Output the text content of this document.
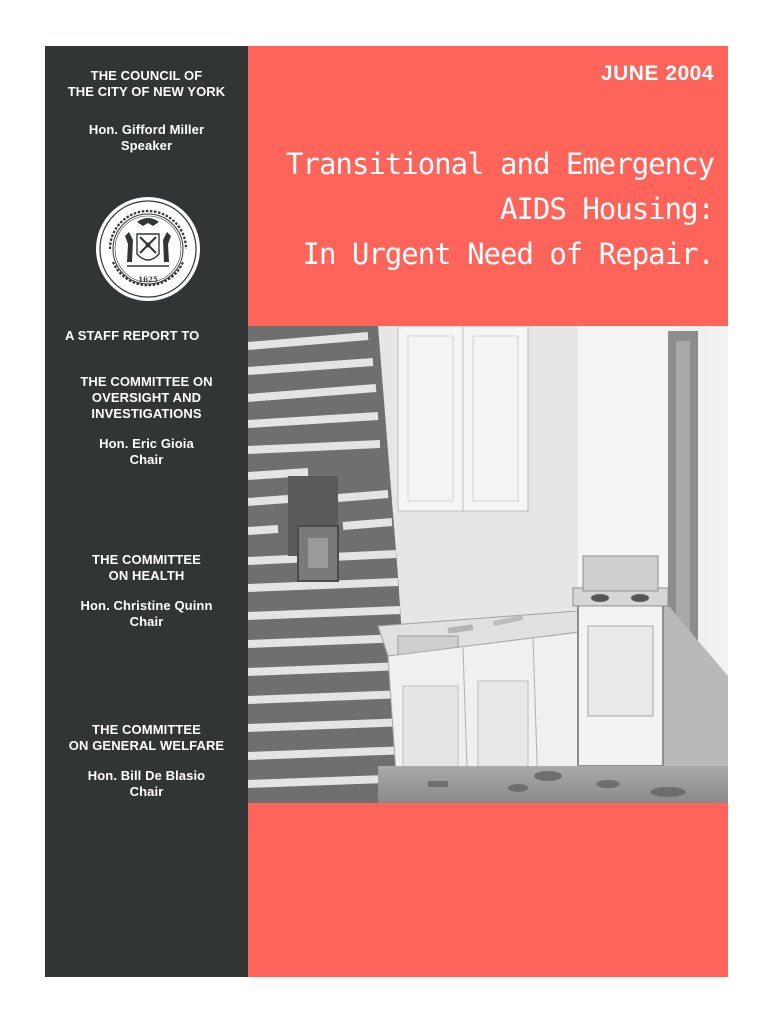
THE COUNCIL OF
THE CITY OF NEW YORK
Hon. Gifford Miller
Speaker
1625
A STAFF REPORT TO
THE COMMITTEE ON
OVERSIGHT AND
INVESTIGATIONS
Hon. Eric Gioia
Chair
THE COMMITTEE
ON HEALTH
Hon. Christine Quinn
Chair
THE COMMITTEE
ON GENERAL WELFARE
Hon. Bill De Blasio
Chair
JUNE 2004
Transitional and Emergency
AIDS Housing:
In Urgent Need of Repair.
